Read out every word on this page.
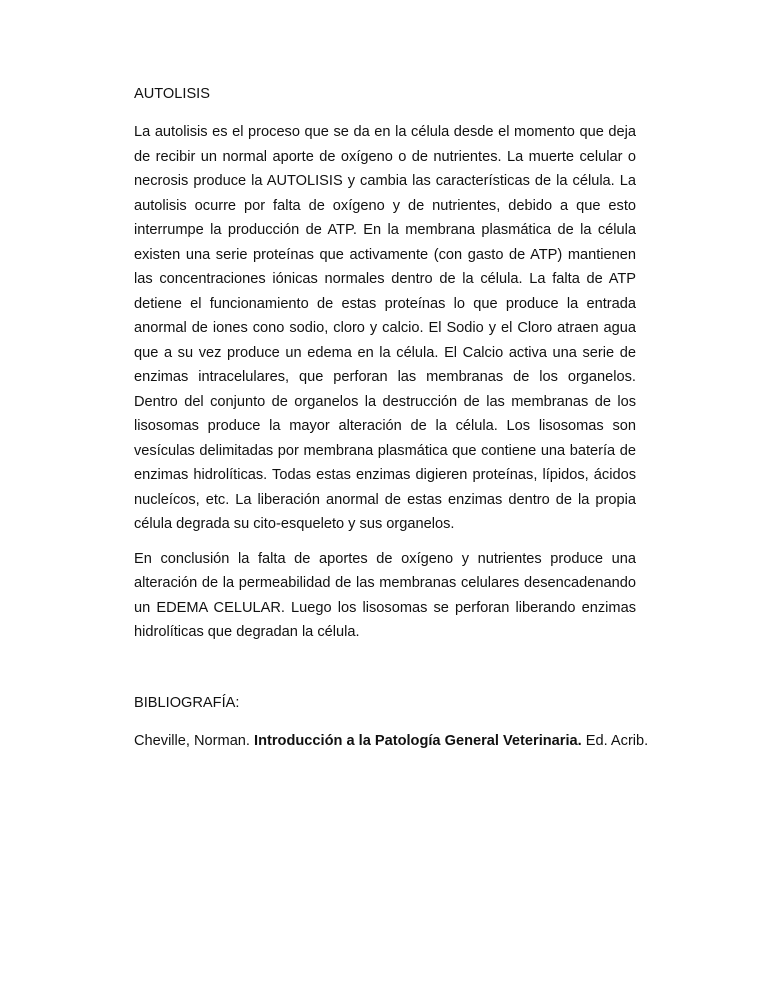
AUTOLISIS

La autolisis es el proceso que se da en la célula desde el momento que deja de recibir un normal aporte de oxígeno o de nutrientes. La muerte celular o necrosis produce la AUTOLISIS y cambia las características de la célula. La autolisis ocurre por falta de oxígeno y de nutrientes, debido a que esto interrumpe la producción de ATP. En la membrana plasmática de la célula existen una serie proteínas que activamente (con gasto de ATP) mantienen las concentraciones iónicas normales dentro de la célula. La falta de ATP detiene el funcionamiento de estas proteínas lo que produce la entrada anormal de iones cono sodio, cloro y calcio. El Sodio y el Cloro atraen agua que a su vez produce un edema en la célula. El Calcio activa una serie de enzimas intracelulares, que perforan las membranas de los organelos. Dentro del conjunto de organelos la destrucción de las membranas de los lisosomas produce la mayor alteración de la célula. Los lisosomas son vesículas delimitadas por membrana plasmática que contiene una batería de enzimas hidrolíticas. Todas estas enzimas digieren proteínas, lípidos, ácidos nucleícos, etc. La liberación anormal de estas enzimas dentro de la propia célula degrada su cito-esqueleto y sus organelos.

En conclusión la falta de aportes de oxígeno y nutrientes produce una alteración de la permeabilidad de las membranas celulares desencadenando un EDEMA CELULAR. Luego los lisosomas se perforan liberando enzimas hidrolíticas que degradan la célula.

BIBLIOGRAFÍA:

Cheville, Norman. Introducción a la Patología General Veterinaria. Ed. Acrib.
